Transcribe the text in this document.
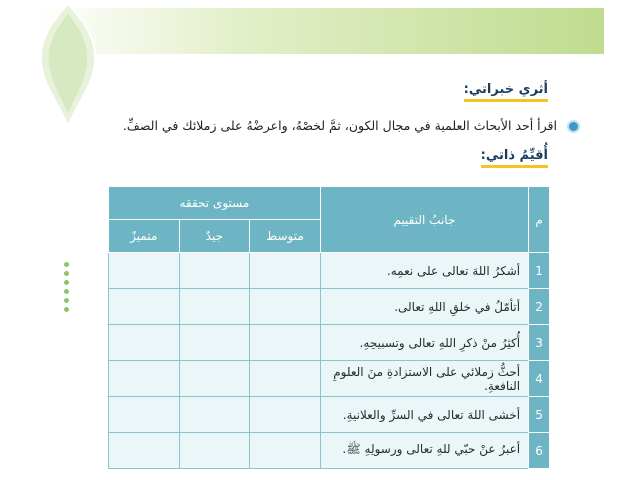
أثري خبراتي:
اقرأ أحد الأبحاث العلمية في مجال الكون، ثمَّ لخصْهُ، واعرضْهُ على زملائك في الصفِّ.
أُقيِّمُ ذاتي:
م	جانبُ التقييم	مستوى تحققه		
		متوسط	جيدٌ	متميزٌ
1	أشكرُ اللهَ تعالى على نعمِه.			
2	أتأمّلُ في خلقِ اللهِ تعالى.			
3	أُكثِرُ منْ ذكرِ اللهِ تعالى وتسبيحِهِ.			
4	أحثُّ زملائي على الاستزادةِ منَ العلومِ النافعةِ.			
5	أخشى اللهَ تعالى في السرِّ والعلانيةِ.			
6	أعبرُ عنْ حبّي للهِ تعالى ورسولِهِ ﷺ.			
